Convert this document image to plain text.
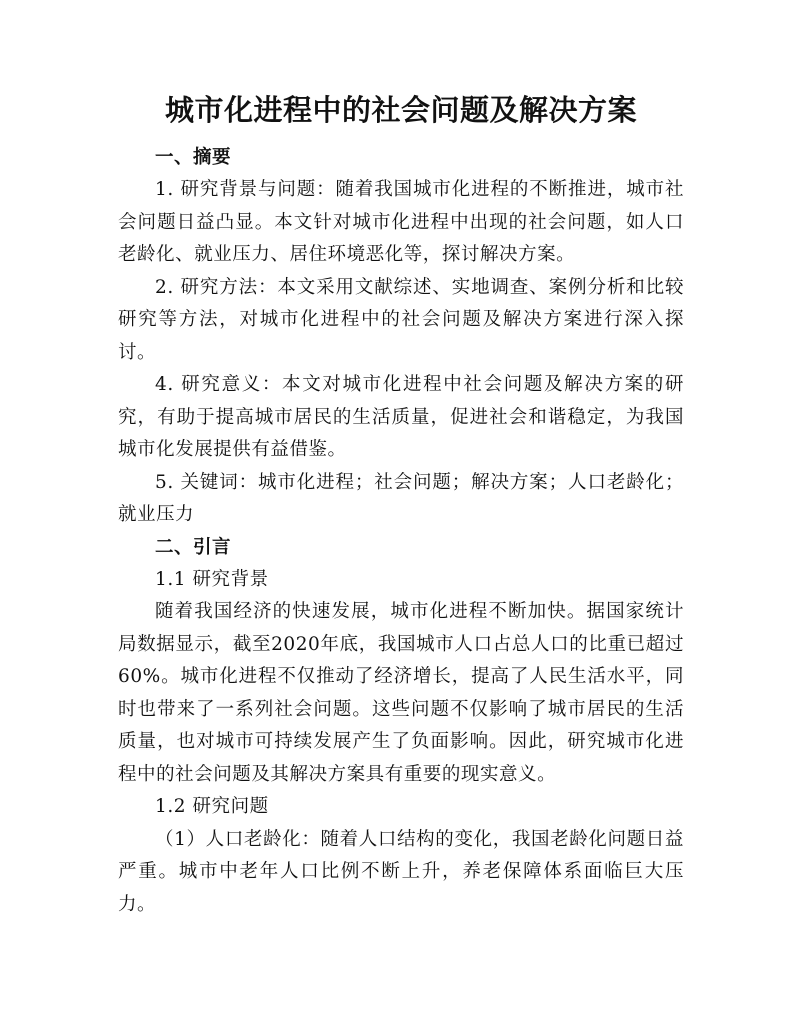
城市化进程中的社会问题及解决方案

一、摘要

1. 研究背景与问题：随着我国城市化进程的不断推进，城市社会问题日益凸显。本文针对城市化进程中出现的社会问题，如人口老龄化、就业压力、居住环境恶化等，探讨解决方案。

2. 研究方法：本文采用文献综述、实地调查、案例分析和比较研究等方法，对城市化进程中的社会问题及解决方案进行深入探讨。

4. 研究意义：本文对城市化进程中社会问题及解决方案的研究，有助于提高城市居民的生活质量，促进社会和谐稳定，为我国城市化发展提供有益借鉴。

5. 关键词：城市化进程；社会问题；解决方案；人口老龄化；就业压力

二、引言

1.1 研究背景

随着我国经济的快速发展，城市化进程不断加快。据国家统计局数据显示，截至2020年底，我国城市人口占总人口的比重已超过60%。城市化进程不仅推动了经济增长，提高了人民生活水平，同时也带来了一系列社会问题。这些问题不仅影响了城市居民的生活质量，也对城市可持续发展产生了负面影响。因此，研究城市化进程中的社会问题及其解决方案具有重要的现实意义。

1.2 研究问题

（1）人口老龄化：随着人口结构的变化，我国老龄化问题日益严重。城市中老年人口比例不断上升，养老保障体系面临巨大压力。
